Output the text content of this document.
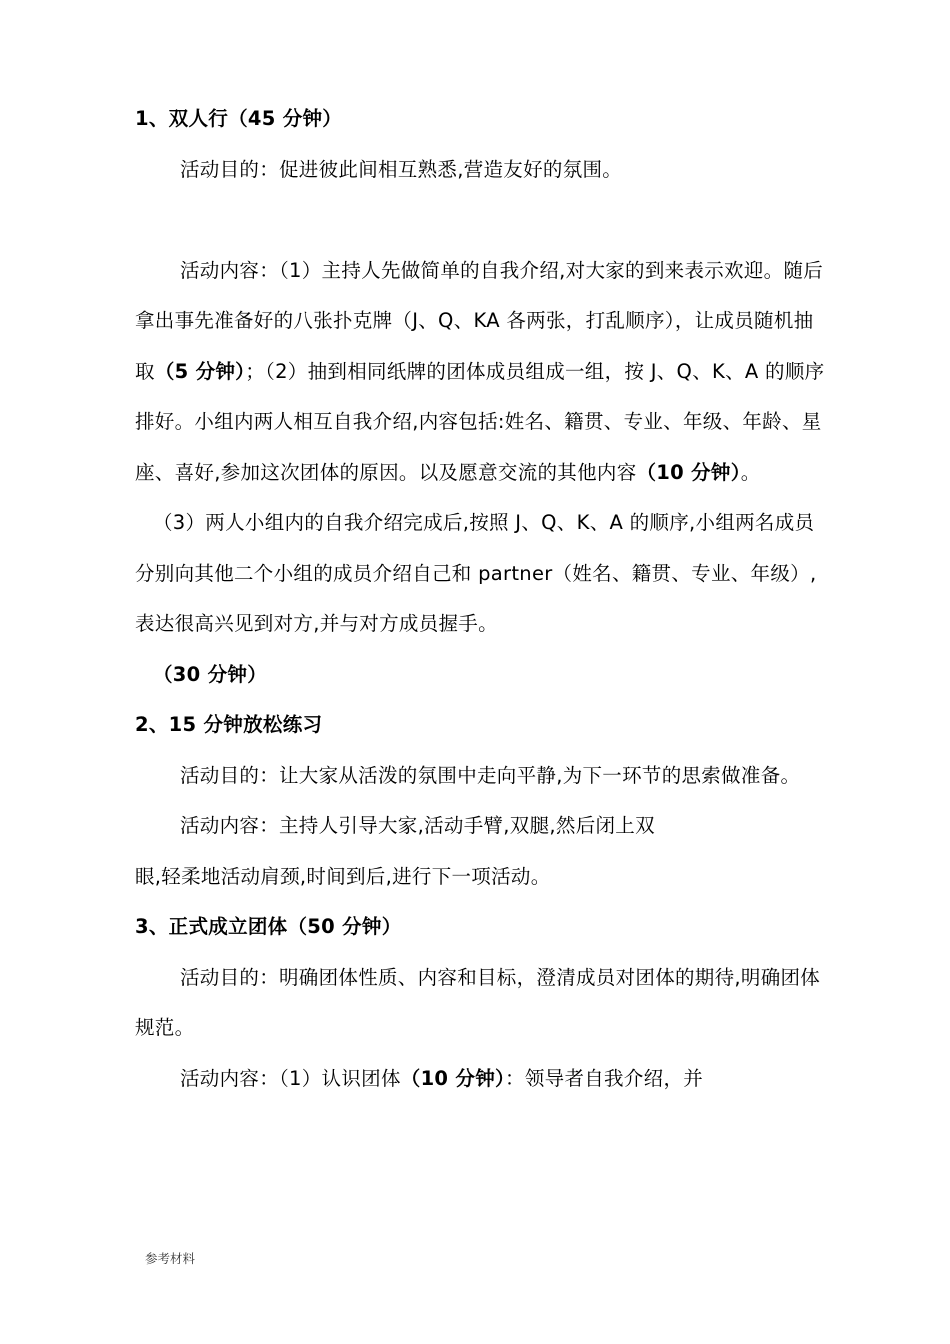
1、双人行（45 分钟）

活动目的：促进彼此间相互熟悉,营造友好的氛围。

活动内容：（1）主持人先做简单的自我介绍,对大家的到来表示欢迎。随后拿出事先准备好的八张扑克牌（J、Q、KA 各两张，打乱顺序），让成员随机抽取（5 分钟）；（2）抽到相同纸牌的团体成员组成一组，按 J、Q、K、A 的顺序排好。小组内两人相互自我介绍,内容包括:姓名、籍贯、专业、年级、年龄、星座、喜好,参加这次团体的原因。以及愿意交流的其他内容（10 分钟）。

（3）两人小组内的自我介绍完成后,按照 J、Q、K、A 的顺序,小组两名成员分别向其他二个小组的成员介绍自己和 partner（姓名、籍贯、专业、年级）,表达很高兴见到对方,并与对方成员握手。

（30 分钟）

2、15 分钟放松练习

活动目的：让大家从活泼的氛围中走向平静,为下一环节的思索做准备。

活动内容：主持人引导大家,活动手臂,双腿,然后闭上双

眼,轻柔地活动肩颈,时间到后,进行下一项活动。

3、正式成立团体（50 分钟）

活动目的：明确团体性质、内容和目标，澄清成员对团体的期待,明确团体规范。

活动内容：（1）认识团体（10 分钟）：领导者自我介绍，并

参考材料
